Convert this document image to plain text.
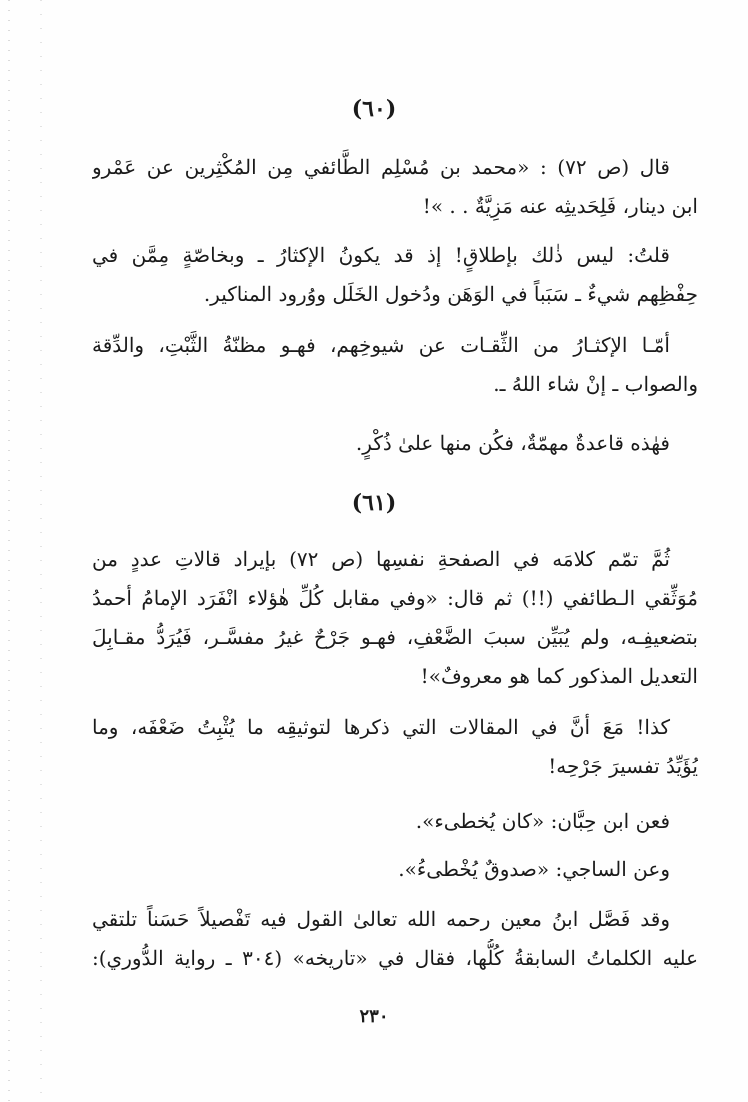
(٦٠)
قال (ص ٧٢) : «محمد بن مُسْلِم الطَّائفي مِن المُكْثِرين عن عَمْرو
ابن دينار، فَلِحَديثِه عنه مَزِيَّةٌ . . »!
قلتُ: ليس ذٰلك بإطلاقٍ! إذ قد يكونُ الإكثارُ ـ وبخاصّةٍ مِمَّن في
حِفْظِهم شيءٌ ـ سَبَباً في الوَهَن ودُخول الخَلَل ووُرود المناكير.
أمّـا الإكثـارُ من الثِّقـات عن شيوخِهم، فهـو مظنّةُ الثَّبْتِ، والدِّقة
والصواب ـ إنْ شاء اللهُ ـ.
فهٰذه قاعدةٌ مهمّةٌ، فكُن منها علىٰ ذُكْرٍ.
(٦١)
ثُمَّ تمّم كلامَه في الصفحةِ نفسِها (ص ٧٢) بإيراد قالاتِ عددٍ من
مُوَثِّقي الـطائفي (!!) ثم قال: «وفي مقابل كُلِّ هٰؤلاء انْفَرَد الإمامُ أحمدُ
بتضعيفِـه، ولم يُبَيِّن سببَ الضَّعْفِ، فهـو جَرْحٌ غيرُ مفسَّـر، فَيُرَدُّ مقـابِلَ
التعديل المذكور كما هو معروفٌ»!
كذا! مَعَ أنَّ في المقالات التي ذكرها لتوثيقِه ما يُثْبِتُ ضَعْفَه، وما
يُؤَيِّدُ تفسيرَ جَرْحِه!
فعن ابن حِبَّان: «كان يُخطىء».
وعن الساجي: «صدوقٌ يُخْطىءُ».
وقد فَصَّل ابنُ معين رحمه الله تعالىٰ القول فيه تَفْصيلاً حَسَناً تلتقي
عليه الكلماتُ السابقةُ كُلُّها، فقال في «تاريخه» (٣٠٤ ـ رواية الدُّوري):
٢٣٠
